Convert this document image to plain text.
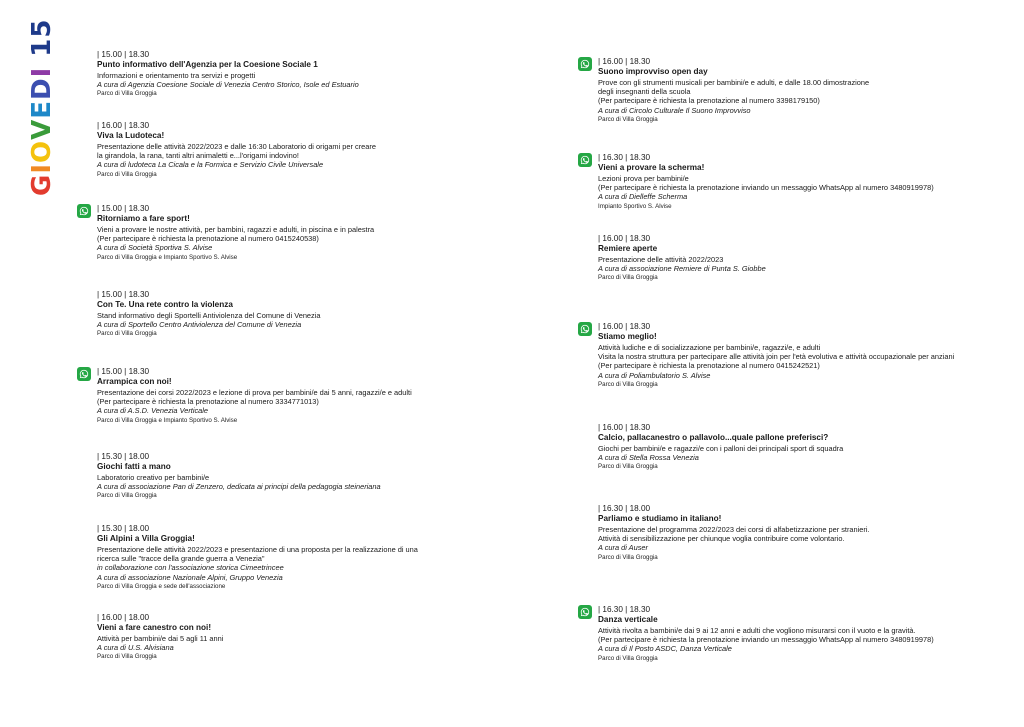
GIOVEDI15	| 15.00 | 18.30
Punto informativo dell'Agenzia per la Coesione Sociale 1
Informazioni e orientamento tra servizi e progetti
A cura di Agenzia Coesione Sociale di Venezia Centro Storico, Isole ed Estuario
Parco di Villa Groggia
| 16.00 | 18.30
Viva la Ludoteca!
Presentazione delle attività 2022/2023 e dalle 16:30 Laboratorio di origami per creare
la girandola, la rana, tanti altri animaletti e...l'origami indovino!
A cura di ludoteca La Cicala e la Formica e Servizio Civile Universale
Parco di Villa Groggia
| 15.00 | 18.30
Ritorniamo a fare sport!
Vieni a provare le nostre attività, per bambini, ragazzi e adulti, in piscina e in palestra
(Per partecipare è richiesta la prenotazione al numero 0415240538)
A cura di Società Sportiva S. Alvise
Parco di Villa Groggia e Impianto Sportivo S. Alvise
| 15.00 | 18.30
Con Te. Una rete contro la violenza
Stand informativo degli Sportelli Antiviolenza del Comune di Venezia
A cura di Sportello Centro Antiviolenza del Comune di Venezia
Parco di Villa Groggia
| 15.00 | 18.30
Arrampica con noi!
Presentazione dei corsi 2022/2023 e lezione di prova per bambini/e dai 5 anni, ragazzi/e e adulti
(Per partecipare è richiesta la prenotazione al numero 3334771013)
A cura di A.S.D. Venezia Verticale
Parco di Villa Groggia e Impianto Sportivo S. Alvise
| 15.30 | 18.00
Giochi fatti a mano
Laboratorio creativo per bambini/e
A cura di associazione Pan di Zenzero, dedicata ai principi della pedagogia steineriana
Parco di Villa Groggia
| 15.30 | 18.00
Gli Alpini a Villa Groggia!
Presentazione delle attività 2022/2023 e presentazione di una proposta per la realizzazione di una
ricerca sulle "tracce della grande guerra a Venezia"
in collaborazione con l'associazione storica Cimeetrincee
A cura di associazione Nazionale Alpini, Gruppo Venezia
Parco di Villa Groggia e sede dell'associazione
| 16.00 | 18.00
Vieni a fare canestro con noi!
Attività per bambini/e dai 5 agli 11 anni
A cura di U.S. Alvisiana
Parco di Villa Groggia
| 16.00 | 18.30
Suono improvviso open day
Prove con gli strumenti musicali per bambini/e e adulti, e dalle 18.00 dimostrazione
degli insegnanti della scuola
(Per partecipare è richiesta la prenotazione al numero 3398179150)
A cura di Circolo Culturale Il Suono Improvviso
Parco di Villa Groggia
| 16.30 | 18.30
Vieni a provare la scherma!
Lezioni prova per bambini/e
(Per partecipare è richiesta la prenotazione inviando un messaggio WhatsApp al numero 3480919978)
A cura di Dielleffe Scherma
Impianto Sportivo S. Alvise
| 16.00 | 18.30
Remiere aperte
Presentazione delle attività 2022/2023
A cura di associazione Remiere di Punta S. Giobbe
Parco di Villa Groggia
| 16.00 | 18.30
Stiamo meglio!
Attività ludiche e di socializzazione per bambini/e, ragazzi/e, e adulti
Visita la nostra struttura per partecipare alle attività join per l'età evolutiva e attività occupazionale per anziani
(Per partecipare è richiesta la prenotazione al numero 0415242521)
A cura di Poliambulatorio S. Alvise
Parco di Villa Groggia
| 16.00 | 18.30
Calcio, pallacanestro o pallavolo...quale pallone preferisci?
Giochi per bambini/e e ragazzi/e con i palloni dei principali sport di squadra
A cura di Stella Rossa Venezia
Parco di Villa Groggia
| 16.30 | 18.00
Parliamo e studiamo in italiano!
Presentazione del programma 2022/2023 dei corsi di alfabetizzazione per stranieri.
Attività di sensibilizzazione per chiunque voglia contribuire come volontario.
A cura di Auser
Parco di Villa Groggia
| 16.30 | 18.30
Danza verticale
Attività rivolta a bambini/e dai 9 ai 12 anni e adulti che vogliono misurarsi con il vuoto e la gravità.
(Per partecipare è richiesta la prenotazione inviando un messaggio WhatsApp al numero 3480919978)
A cura di Il Posto ASDC, Danza Verticale
Parco di Villa Groggia
